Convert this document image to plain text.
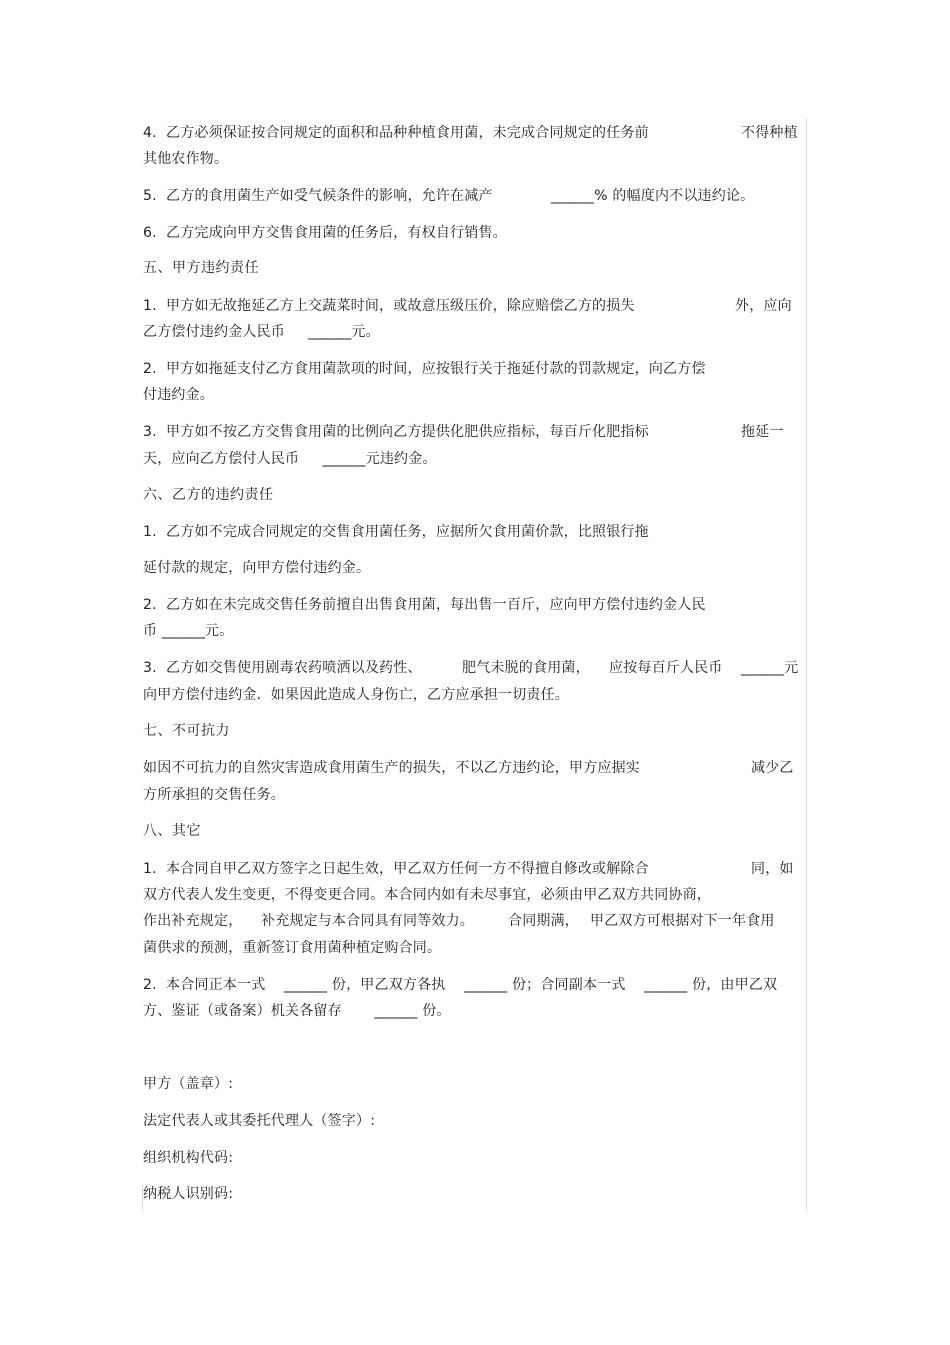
4.  乙方必须保证按合同规定的面积和品种种植食用菌，未完成合同规定的任务前	不得种植
其他农作物。
5.  乙方的食用菌生产如受气候条件的影响，允许在减产	______% 的幅度内不以违约论。
6.  乙方完成向甲方交售食用菌的任务后，有权自行销售。
五、甲方违约责任
1.  甲方如无故拖延乙方上交蔬菜时间，或故意压级压价，除应赔偿乙方的损失	外，应向
乙方偿付违约金人民币     ______元。
2.  甲方如拖延支付乙方食用菌款项的时间，应按银行关于拖延付款的罚款规定，向乙方偿
付违约金。
3.  甲方如不按乙方交售食用菌的比例向乙方提供化肥供应指标，每百斤化肥指标	拖延一
天，应向乙方偿付人民币     ______元违约金。
六、乙方的违约责任
1.  乙方如不完成合同规定的交售食用菌任务，应据所欠食用菌价款，比照银行拖
延付款的规定，向甲方偿付违约金。
2.  乙方如在未完成交售任务前擅自出售食用菌，每出售一百斤，应向甲方偿付违约金人民
币 ______元。
3.  乙方如交售使用剧毒农药喷洒以及药性、	肥气未脱的食用菌， 应按每百斤人民币 ______元
向甲方偿付违约金．如果因此造成人身伤亡，乙方应承担一切责任。
七、不可抗力
如因不可抗力的自然灾害造成食用菌生产的损失，不以乙方违约论，甲方应据实	减少乙
方所承担的交售任务。
八、其它
1.  本合同自甲乙双方签字之日起生效，甲乙双方任何一方不得擅自修改或解除合	同，如
双方代表人发生变更，不得变更合同。本合同内如有未尽事宜，必须由甲乙双方共同协商，
作出补充规定， 补充规定与本合同具有同等效力。 合同期满， 甲乙双方可根据对下一年食用
菌供求的预测，重新签订食用菌种植定购合同。
2.  本合同正本一式    ______ 份，甲乙双方各执    ______ 份；合同副本一式    ______ 份，由甲乙双
方、鉴证（或备案）机关各留存       ______ 份。
甲方（盖章）:
法定代表人或其委托代理人（签字）:
组织机构代码:
纳税人识别码:
